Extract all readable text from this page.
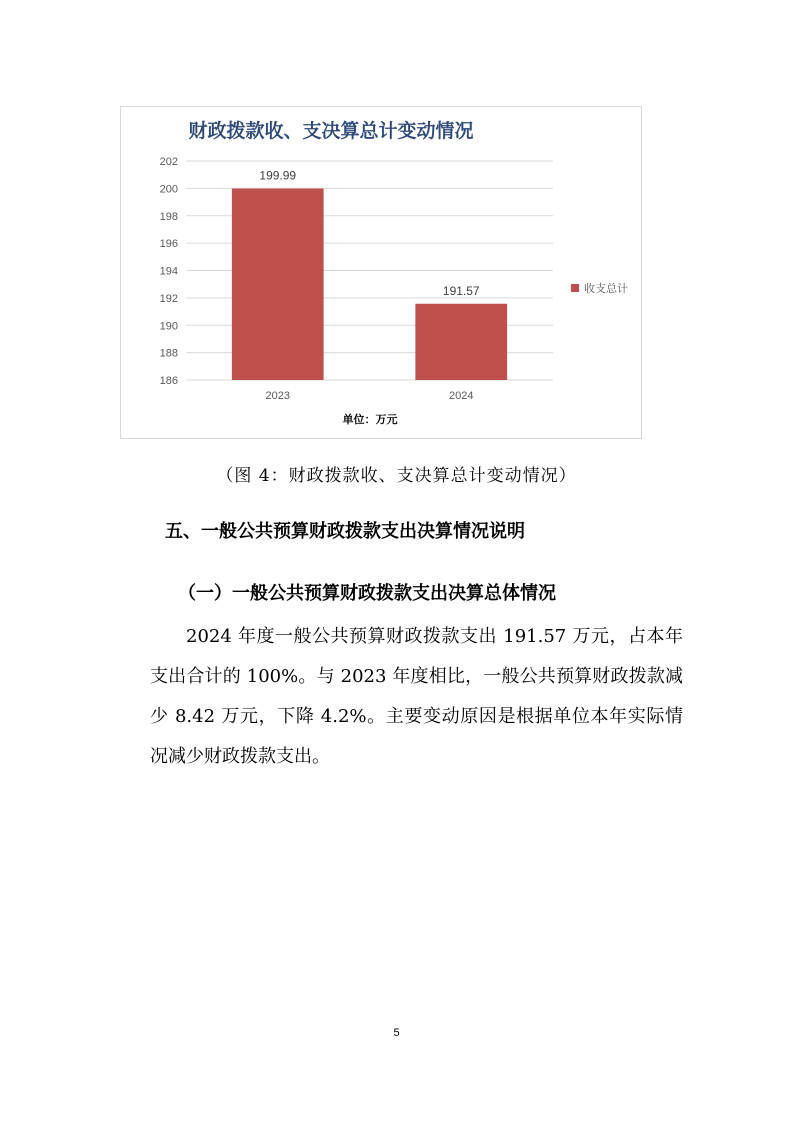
财政拨款收、支决算总计变动情况
186
188
190
192
194
196
198
200
202
199.99
2023
191.57
2024
单位：万元
收支总计
（图 4：财政拨款收、支决算总计变动情况）
五、一般公共预算财政拨款支出决算情况说明
（一）一般公共预算财政拨款支出决算总体情况
2024 年度一般公共预算财政拨款支出 191.57 万元，占本年支出合计的 100%。与 2023 年度相比，一般公共预算财政拨款减少 8.42 万元，下降 4.2%。主要变动原因是根据单位本年实际情况减少财政拨款支出。
5
